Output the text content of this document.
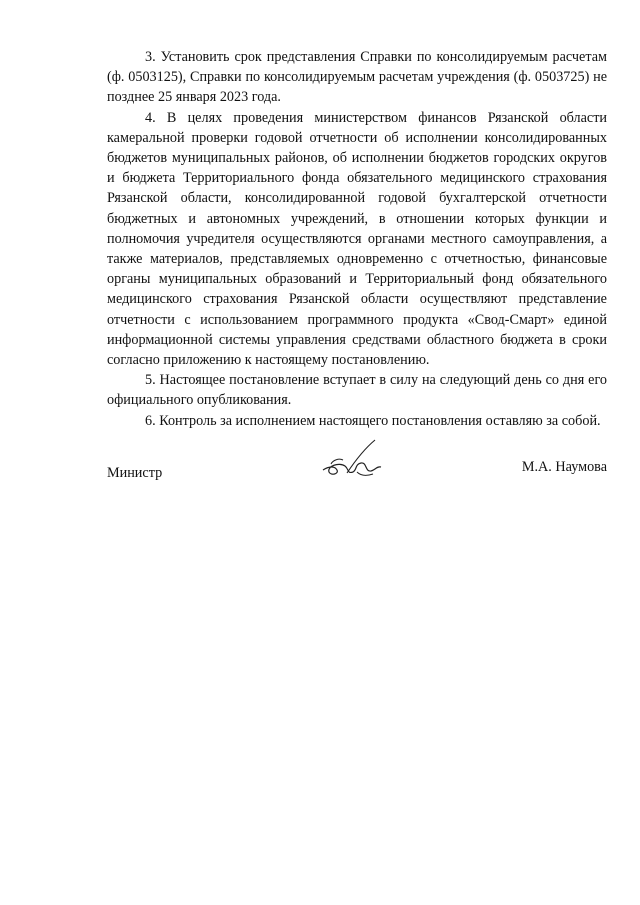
3. Установить срок представления Справки по консолидируемым расчетам (ф. 0503125), Справки по консолидируемым расчетам учреждения (ф. 0503725) не позднее 25 января 2023 года.

4. В целях проведения министерством финансов Рязанской области камеральной проверки годовой отчетности об исполнении консолидированных бюджетов муниципальных районов, об исполнении бюджетов городских округов и бюджета Территориального фонда обязательного медицинского страхования Рязанской области, консолидированной годовой бухгалтерской отчетности бюджетных и автономных учреждений, в отношении которых функции и полномочия учредителя осуществляются органами местного самоуправления, а также материалов, представляемых одновременно с отчетностью, финансовые органы муниципальных образований и Территориальный фонд обязательного медицинского страхования Рязанской области осуществляют представление отчетности с использованием программного продукта «Свод-Смарт» единой информационной системы управления средствами областного бюджета в сроки согласно приложению к настоящему постановлению.

5. Настоящее постановление вступает в силу на следующий день со дня его официального опубликования.

6. Контроль за исполнением настоящего постановления оставляю за собой.

Министр	М.А. Наумова
